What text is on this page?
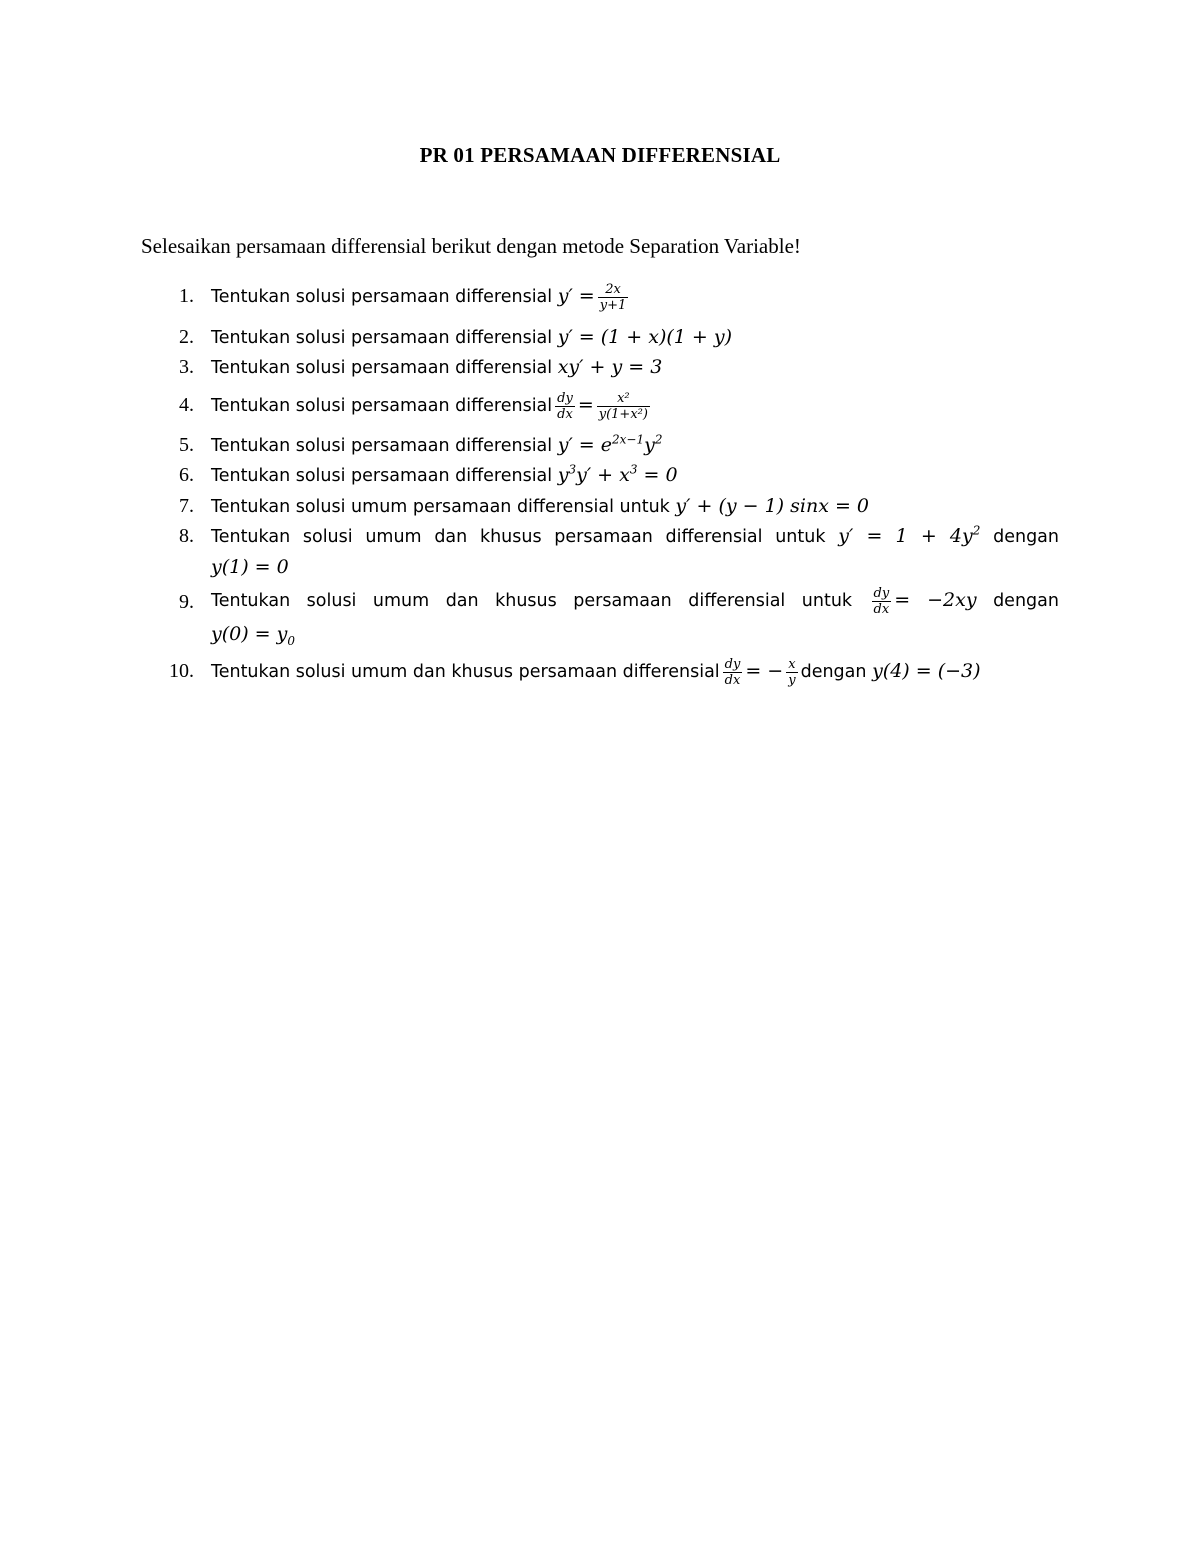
PR 01 PERSAMAAN DIFFERENSIAL
Selesaikan persamaan differensial berikut dengan metode Separation Variable!
1. Tentukan solusi persamaan differensial $y' = \frac{2x}{y+1}$
2. Tentukan solusi persamaan differensial y′ = (1 + x)(1 + y)
3. Tentukan solusi persamaan differensial xy′ + y = 3
4. Tentukan solusi persamaan differensial $\frac{dy}{dx} = \frac{\text{x²}}{\text{y(1+x²)}}$
5. Tentukan solusi persamaan differensial $y' = e^{2x-1}y^2$
6. Tentukan solusi persamaan differensial $y^3y' + x^3 = 0$
7. Tentukan solusi umum persamaan differensial untuk y′ + (y − 1) sinx = 0
8. Tentukan solusi umum dan khusus persamaan differensial untuk $y' = 1 + 4y^2$ dengan
y(1) = 0
9. Tentukan solusi umum dan khusus persamaan differensial untuk $\frac{dy}{dx} = -2xy$ dengan
$y(0) = y_0$
10. Tentukan solusi umum dan khusus persamaan differensial $\frac{dy}{dx}$ = − $\frac{x}{y}$ dengan y(4) = (−3)
